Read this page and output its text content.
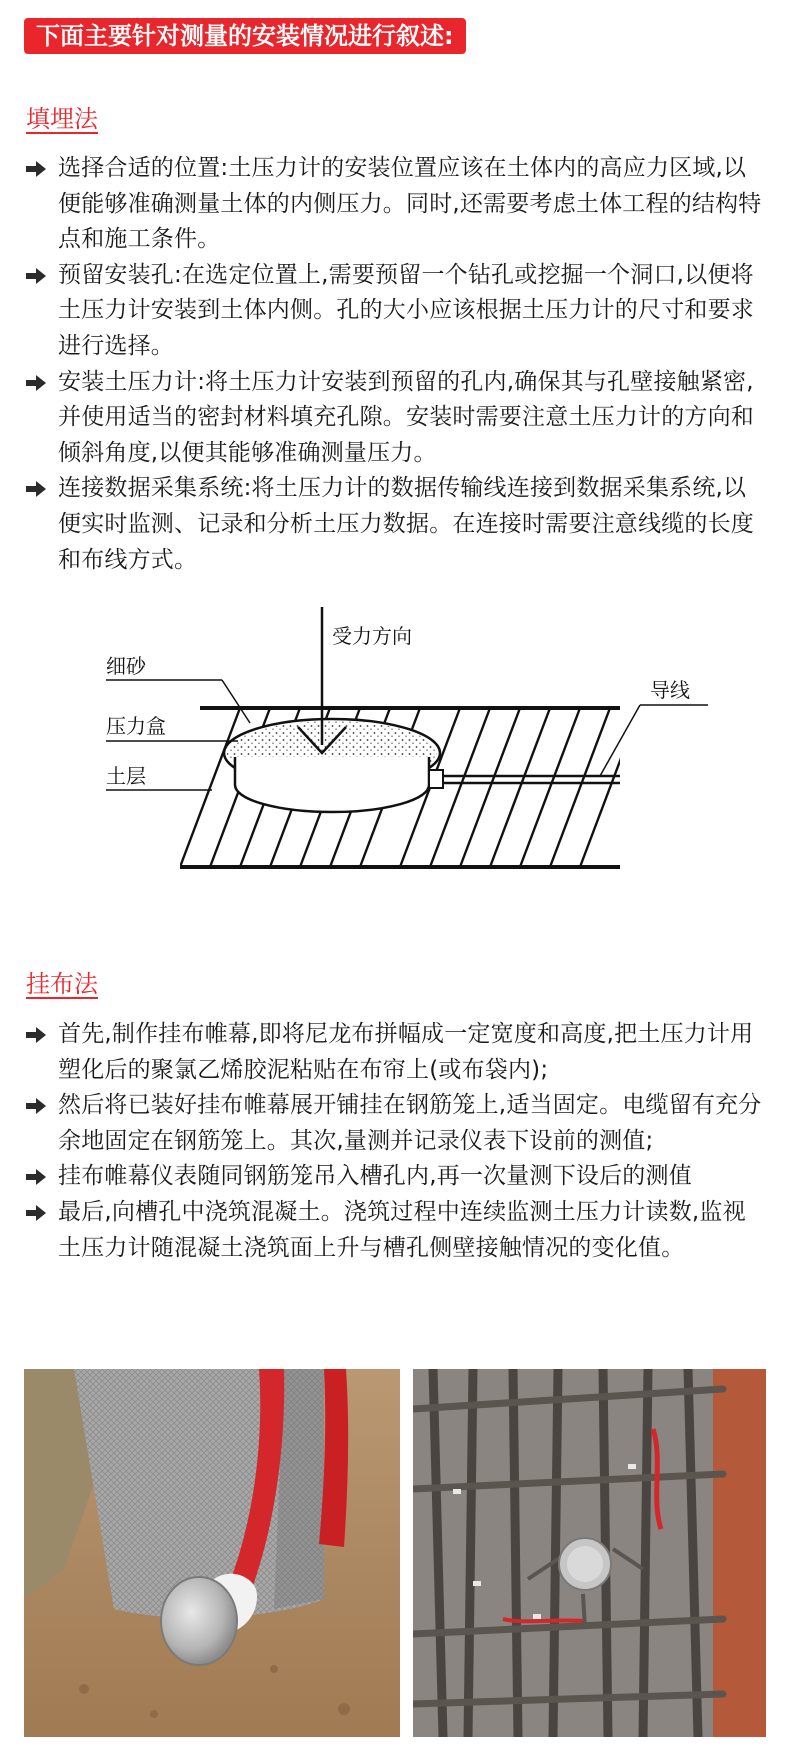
下面主要针对测量的安装情况进行叙述:
填埋法
选择合适的位置:土压力计的安装位置应该在土体内的高应力区域,以便能够准确测量土体的内侧压力。同时,还需要考虑土体工程的结构特点和施工条件。
预留安装孔:在选定位置上,需要预留一个钻孔或挖掘一个洞口,以便将土压力计安装到土体内侧。孔的大小应该根据土压力计的尺寸和要求进行选择。
安装土压力计:将土压力计安装到预留的孔内,确保其与孔壁接触紧密,并使用适当的密封材料填充孔隙。安装时需要注意土压力计的方向和倾斜角度,以便其能够准确测量压力。
连接数据采集系统:将土压力计的数据传输线连接到数据采集系统,以便实时监测、记录和分析土压力数据。在连接时需要注意线缆的长度和布线方式。
受力方向
细砂
压力盒
土层
导线
挂布法
首先,制作挂布帷幕,即将尼龙布拼幅成一定宽度和高度,把土压力计用塑化后的聚氯乙烯胶泥粘贴在布帘上(或布袋内);
然后将已装好挂布帷幕展开铺挂在钢筋笼上,适当固定。电缆留有充分余地固定在钢筋笼上。其次,量测并记录仪表下设前的测值;
挂布帷幕仪表随同钢筋笼吊入槽孔内,再一次量测下设后的测值
最后,向槽孔中浇筑混凝土。浇筑过程中连续监测土压力计读数,监视土压力计随混凝土浇筑面上升与槽孔侧壁接触情况的变化值。
